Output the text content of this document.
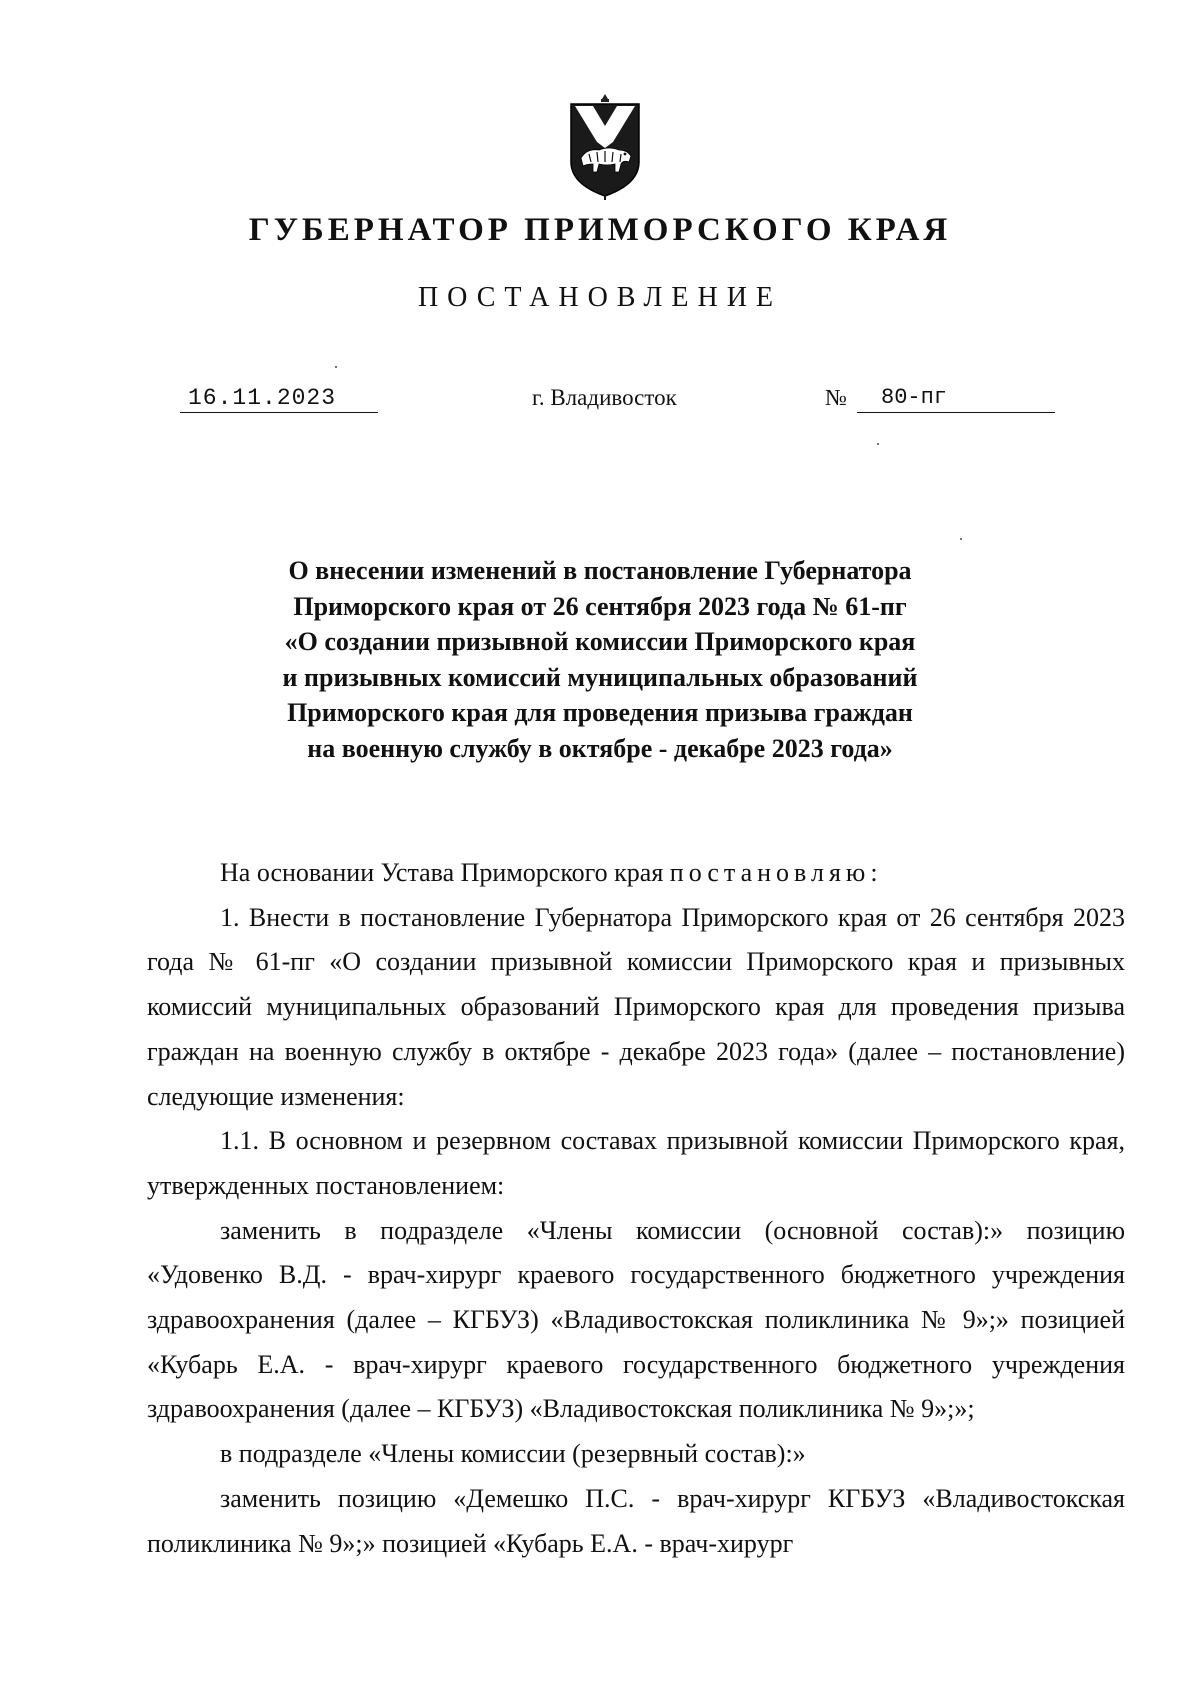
ГУБЕРНАТОР ПРИМОРСКОГО КРАЯ
ПОСТАНОВЛЕНИЕ
16.11.2023	г. Владивосток	№	80-пг
О внесении изменений в постановление Губернатора
Приморского края от 26 сентября 2023 года № 61-пг
«О создании призывной комиссии Приморского края
и призывных комиссий муниципальных образований
Приморского края для проведения призыва граждан
на военную службу в октябре - декабре 2023 года»

На основании Устава Приморского края постановляю:

1. Внести в постановление Губернатора Приморского края от 26 сентября 2023 года № 61-пг «О создании призывной комиссии Приморского края и призывных комиссий муниципальных образований Приморского края для проведения призыва граждан на военную службу в октябре - декабре 2023 года» (далее – постановление) следующие изменения:

1.1. В основном и резервном составах призывной комиссии Приморского края, утвержденных постановлением:

заменить в подразделе «Члены комиссии (основной состав):» позицию «Удовенко В.Д. - врач-хирург краевого государственного бюджетного учреждения здравоохранения (далее – КГБУЗ) «Владивостокская поликлиника № 9»;» позицией «Кубарь Е.А. - врач-хирург краевого государственного бюджетного учреждения здравоохранения (далее – КГБУЗ) «Владивостокская поликлиника № 9»;»;

в подразделе «Члены комиссии (резервный состав):»

заменить позицию «Демешко П.С. - врач-хирург КГБУЗ «Владивостокская поликлиника № 9»;» позицией «Кубарь Е.А. - врач-хирург
